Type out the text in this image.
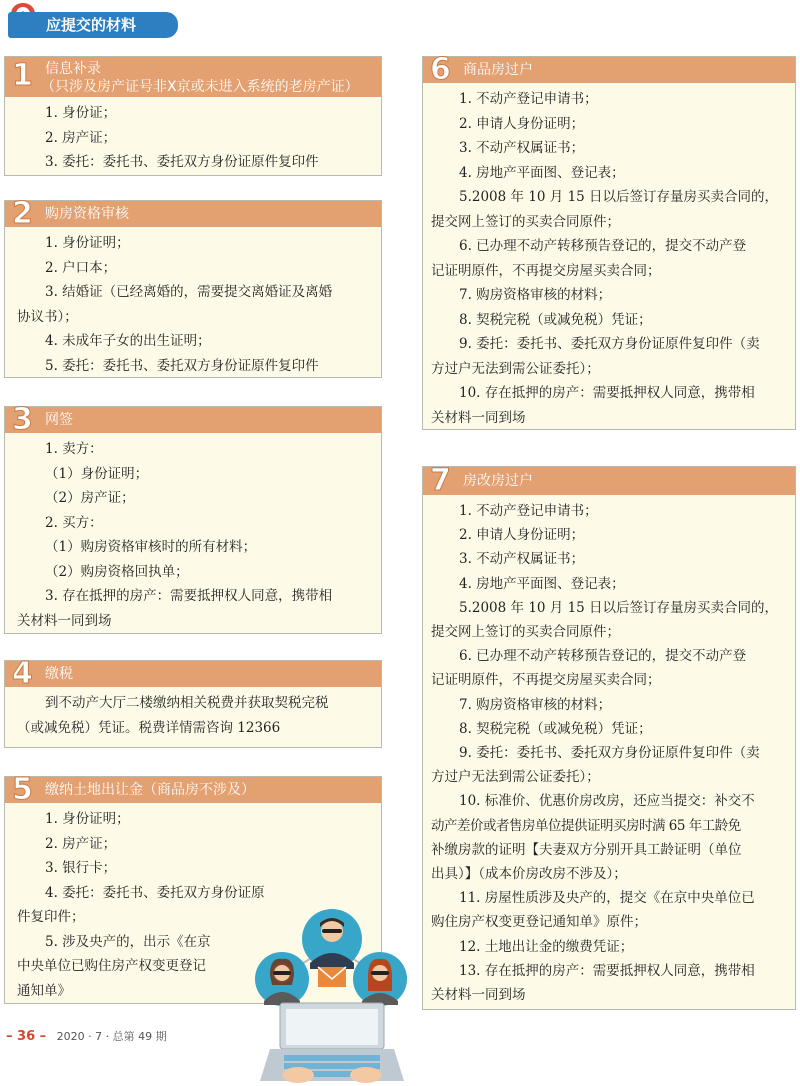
应提交的材料
1 信息补录
（只涉及房产证号非X京或未进入系统的老房产证）
1. 身份证；
2. 房产证；
3. 委托：委托书、委托双方身份证原件复印件
2 购房资格审核
1. 身份证明；
2. 户口本；
3. 结婚证（已经离婚的，需要提交离婚证及离婚
协议书）；
4. 未成年子女的出生证明；
5. 委托：委托书、委托双方身份证原件复印件
3 网签
1. 卖方：
（1）身份证明；
（2）房产证；
2. 买方：
（1）购房资格审核时的所有材料；
（2）购房资格回执单；
3. 存在抵押的房产：需要抵押权人同意，携带相
关材料一同到场
4 缴税
到不动产大厅二楼缴纳相关税费并获取契税完税
（或减免税）凭证。税费详情需咨询 12366
5 缴纳土地出让金（商品房不涉及）
1. 身份证明；
2. 房产证；
3. 银行卡；
4. 委托：委托书、委托双方身份证原
件复印件；
5. 涉及央产的，出示《在京
中央单位已购住房产权变更登记
通知单》
6 商品房过户
1. 不动产登记申请书；
2. 申请人身份证明；
3. 不动产权属证书；
4. 房地产平面图、登记表；
5.2008 年 10 月 15 日以后签订存量房买卖合同的，
提交网上签订的买卖合同原件；
6. 已办理不动产转移预告登记的，提交不动产登
记证明原件，不再提交房屋买卖合同；
7. 购房资格审核的材料；
8. 契税完税（或减免税）凭证；
9. 委托：委托书、委托双方身份证原件复印件（卖
方过户无法到需公证委托）；
10. 存在抵押的房产：需要抵押权人同意，携带相
关材料一同到场
7 房改房过户
1. 不动产登记申请书；
2. 申请人身份证明；
3. 不动产权属证书；
4. 房地产平面图、登记表；
5.2008 年 10 月 15 日以后签订存量房买卖合同的，
提交网上签订的买卖合同原件；
6. 已办理不动产转移预告登记的，提交不动产登
记证明原件，不再提交房屋买卖合同；
7. 购房资格审核的材料；
8. 契税完税（或减免税）凭证；
9. 委托：委托书、委托双方身份证原件复印件（卖
方过户无法到需公证委托）；
10. 标准价、优惠价房改房，还应当提交：补交不
动产差价或者售房单位提供证明买房时满 65 年工龄免
补缴房款的证明【夫妻双方分别开具工龄证明（单位
出具）】（成本价房改房不涉及）；
11. 房屋性质涉及央产的，提交《在京中央单位已
购住房产权变更登记通知单》原件；
12. 土地出让金的缴费凭证；
13. 存在抵押的房产：需要抵押权人同意，携带相
关材料一同到场
– 36 – 2020 · 7 · 总第 49 期
